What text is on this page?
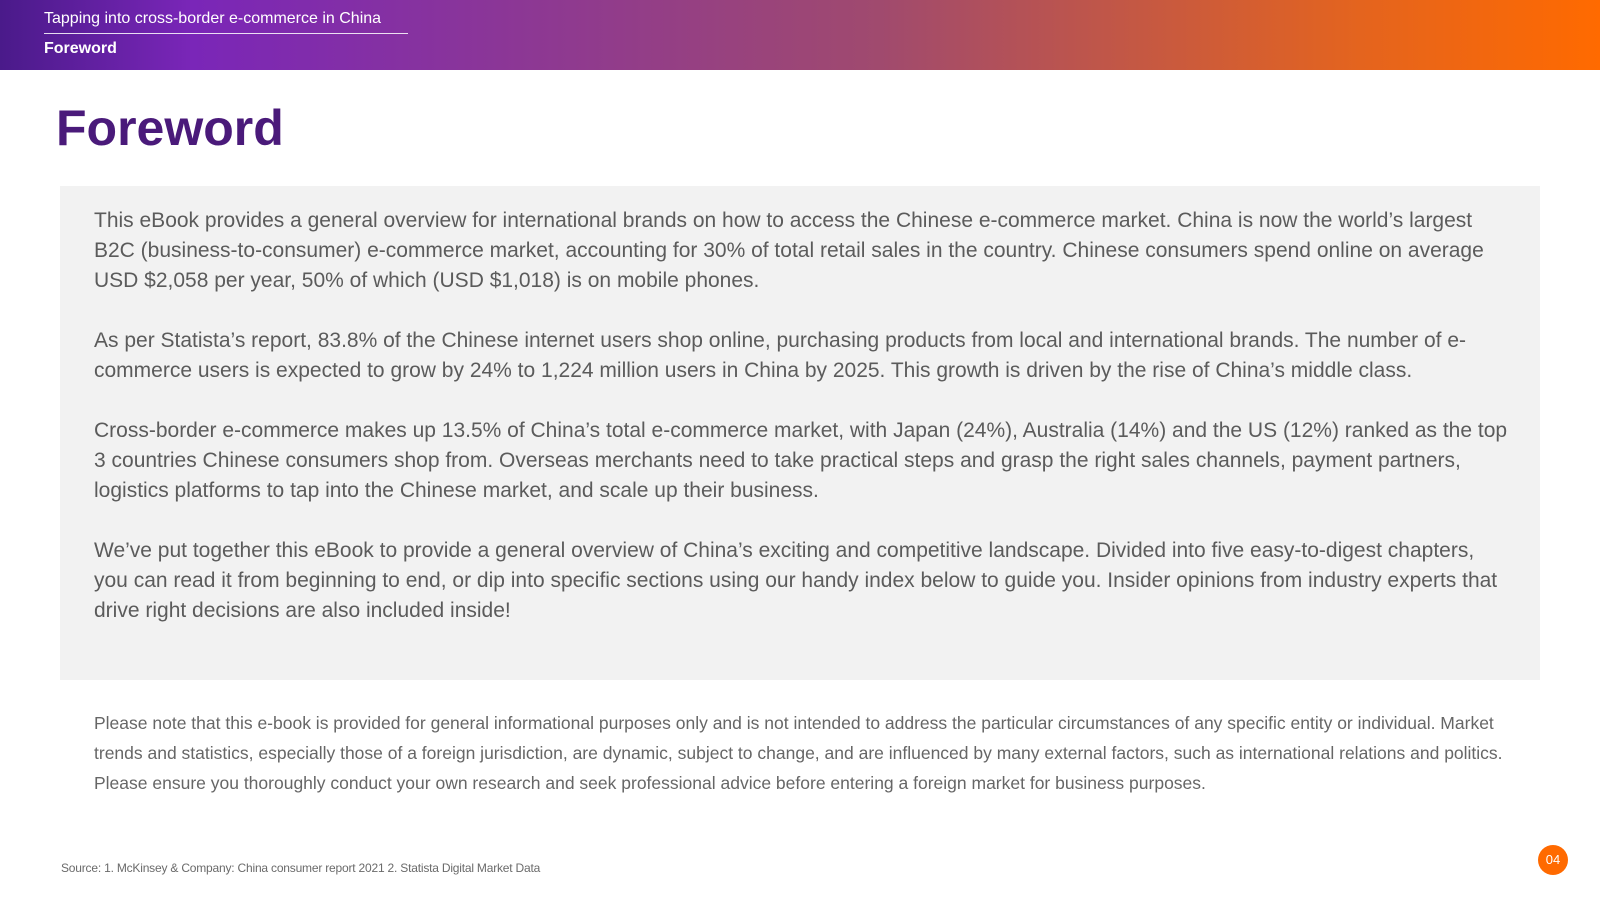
Tapping into cross-border e-commerce in China
Foreword
Foreword

This eBook provides a general overview for international brands on how to access the Chinese e-commerce market. China is now the world’s largest B2C (business-to-consumer) e-commerce market, accounting for 30% of total retail sales in the country. Chinese consumers spend online on average USD $2,058 per year, 50% of which (USD $1,018) is on mobile phones.

As per Statista’s report, 83.8% of the Chinese internet users shop online, purchasing products from local and international brands. The number of e-commerce users is expected to grow by 24% to 1,224 million users in China by 2025. This growth is driven by the rise of China’s middle class.

Cross-border e-commerce makes up 13.5% of China’s total e-commerce market, with Japan (24%), Australia (14%) and the US (12%) ranked as the top 3 countries Chinese consumers shop from. Overseas merchants need to take practical steps and grasp the right sales channels, payment partners, logistics platforms to tap into the Chinese market, and scale up their business.

We’ve put together this eBook to provide a general overview of China’s exciting and competitive landscape. Divided into five easy-to-digest chapters, you can read it from beginning to end, or dip into specific sections using our handy index below to guide you. Insider opinions from industry experts that drive right decisions are also included inside!

Please note that this e-book is provided for general informational purposes only and is not intended to address the particular circumstances of any specific entity or individual. Market trends and statistics, especially those of a foreign jurisdiction, are dynamic, subject to change, and are influenced by many external factors, such as international relations and politics. Please ensure you thoroughly conduct your own research and seek professional advice before entering a foreign market for business purposes.

Source: 1. McKinsey & Company: China consumer report 2021 2. Statista Digital Market Data

04
